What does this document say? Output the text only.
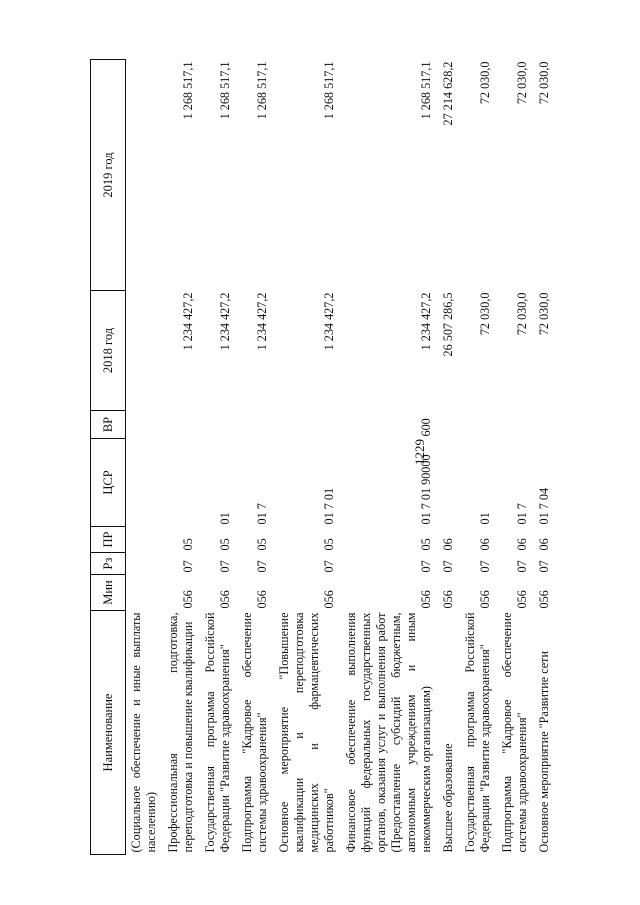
1229
Наименование	Мин	Рз	ПР	ЦСР	ВР	2018 год	2019 год
(Социальное обеспечение и иные выплаты населению)							
Профессиональная подготовка, переподготовка и повышение квалификации	056	07	05			1 234 427,2	1 268 517,1
Государственная программа Российской Федерации "Развитие здравоохранения"	056	07	05	01		1 234 427,2	1 268 517,1
Подпрограмма "Кадровое обеспечение системы здравоохранения"	056	07	05	01 7		1 234 427,2	1 268 517,1
Основное мероприятие "Повышение квалификации и переподготовка медицинских и фармацевтических работников"	056	07	05	01 7 01		1 234 427,2	1 268 517,1
Финансовое обеспечение выполнения функций федеральных государственных органов, оказания услуг и выполнения работ (Предоставление субсидий бюджетным, автономным учреждениям и иным некоммерческим организациям)	056	07	05	01 7 01 90000	600	1 234 427,2	1 268 517,1
Высшее образование	056	07	06			26 507 286,5	27 214 628,2
Государственная программа Российской Федерации "Развитие здравоохранения"	056	07	06	01		72 030,0	72 030,0
Подпрограмма "Кадровое обеспечение системы здравоохранения"	056	07	06	01 7		72 030,0	72 030,0
Основное мероприятие "Развитие сети	056	07	06	01 7 04		72 030,0	72 030,0
